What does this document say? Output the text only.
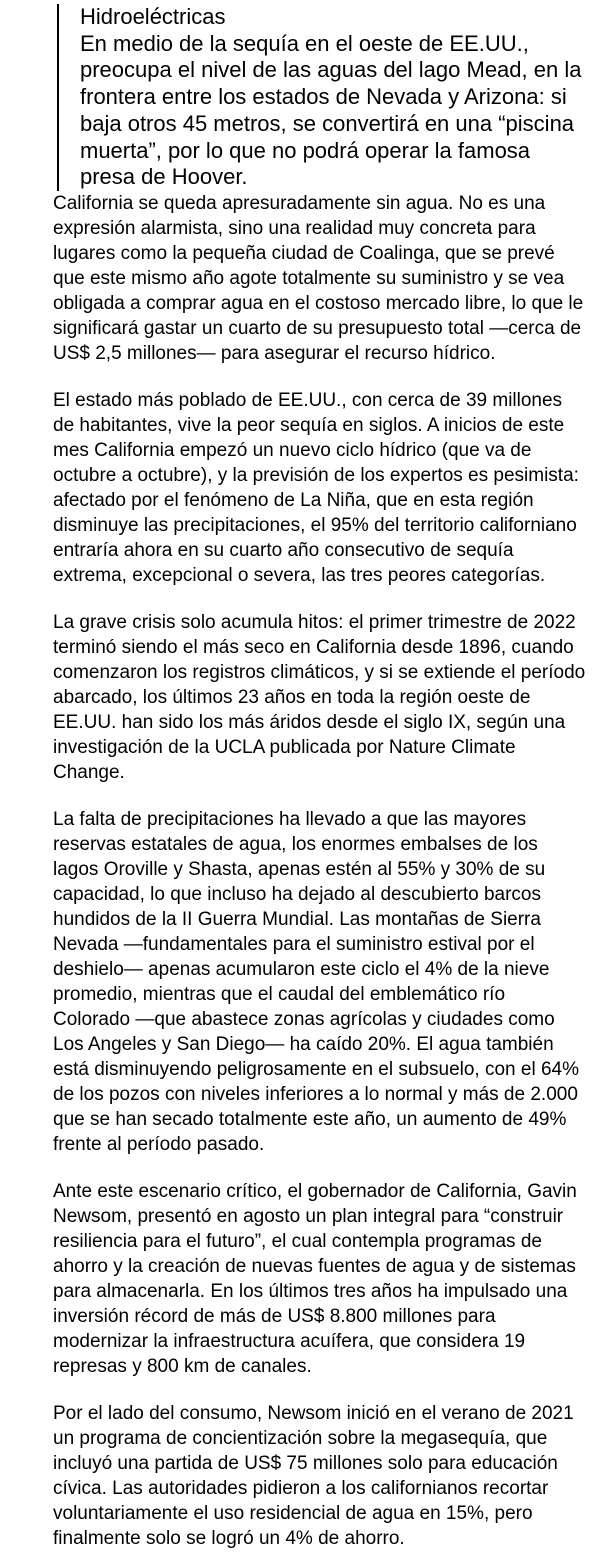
Hidroeléctricas
En medio de la sequía en el oeste de EE.UU.,
preocupa el nivel de las aguas del lago Mead, en la
frontera entre los estados de Nevada y Arizona: si
baja otros 45 metros, se convertirá en una “piscina
muerta”, por lo que no podrá operar la famosa
presa de Hoover.

California se queda apresuradamente sin agua. No es una
expresión alarmista, sino una realidad muy concreta para
lugares como la pequeña ciudad de Coalinga, que se prevé
que este mismo año agote totalmente su suministro y se vea
obligada a comprar agua en el costoso mercado libre, lo que le
significará gastar un cuarto de su presupuesto total —cerca de
US$ 2,5 millones— para asegurar el recurso hídrico.

El estado más poblado de EE.UU., con cerca de 39 millones
de habitantes, vive la peor sequía en siglos. A inicios de este
mes California empezó un nuevo ciclo hídrico (que va de
octubre a octubre), y la previsión de los expertos es pesimista:
afectado por el fenómeno de La Niña, que en esta región
disminuye las precipitaciones, el 95% del territorio californiano
entraría ahora en su cuarto año consecutivo de sequía
extrema, excepcional o severa, las tres peores categorías.

La grave crisis solo acumula hitos: el primer trimestre de 2022
terminó siendo el más seco en California desde 1896, cuando
comenzaron los registros climáticos, y si se extiende el período
abarcado, los últimos 23 años en toda la región oeste de
EE.UU. han sido los más áridos desde el siglo IX, según una
investigación de la UCLA publicada por Nature Climate
Change.

La falta de precipitaciones ha llevado a que las mayores
reservas estatales de agua, los enormes embalses de los
lagos Oroville y Shasta, apenas estén al 55% y 30% de su
capacidad, lo que incluso ha dejado al descubierto barcos
hundidos de la II Guerra Mundial. Las montañas de Sierra
Nevada —fundamentales para el suministro estival por el
deshielo— apenas acumularon este ciclo el 4% de la nieve
promedio, mientras que el caudal del emblemático río
Colorado —que abastece zonas agrícolas y ciudades como
Los Angeles y San Diego— ha caído 20%. El agua también
está disminuyendo peligrosamente en el subsuelo, con el 64%
de los pozos con niveles inferiores a lo normal y más de 2.000
que se han secado totalmente este año, un aumento de 49%
frente al período pasado.

Ante este escenario crítico, el gobernador de California, Gavin
Newsom, presentó en agosto un plan integral para “construir
resiliencia para el futuro”, el cual contempla programas de
ahorro y la creación de nuevas fuentes de agua y de sistemas
para almacenarla. En los últimos tres años ha impulsado una
inversión récord de más de US$ 8.800 millones para
modernizar la infraestructura acuífera, que considera 19
represas y 800 km de canales.

Por el lado del consumo, Newsom inició en el verano de 2021
un programa de concientización sobre la megasequía, que
incluyó una partida de US$ 75 millones solo para educación
cívica. Las autoridades pidieron a los californianos recortar
voluntariamente el uso residencial de agua en 15%, pero
finalmente solo se logró un 4% de ahorro.
